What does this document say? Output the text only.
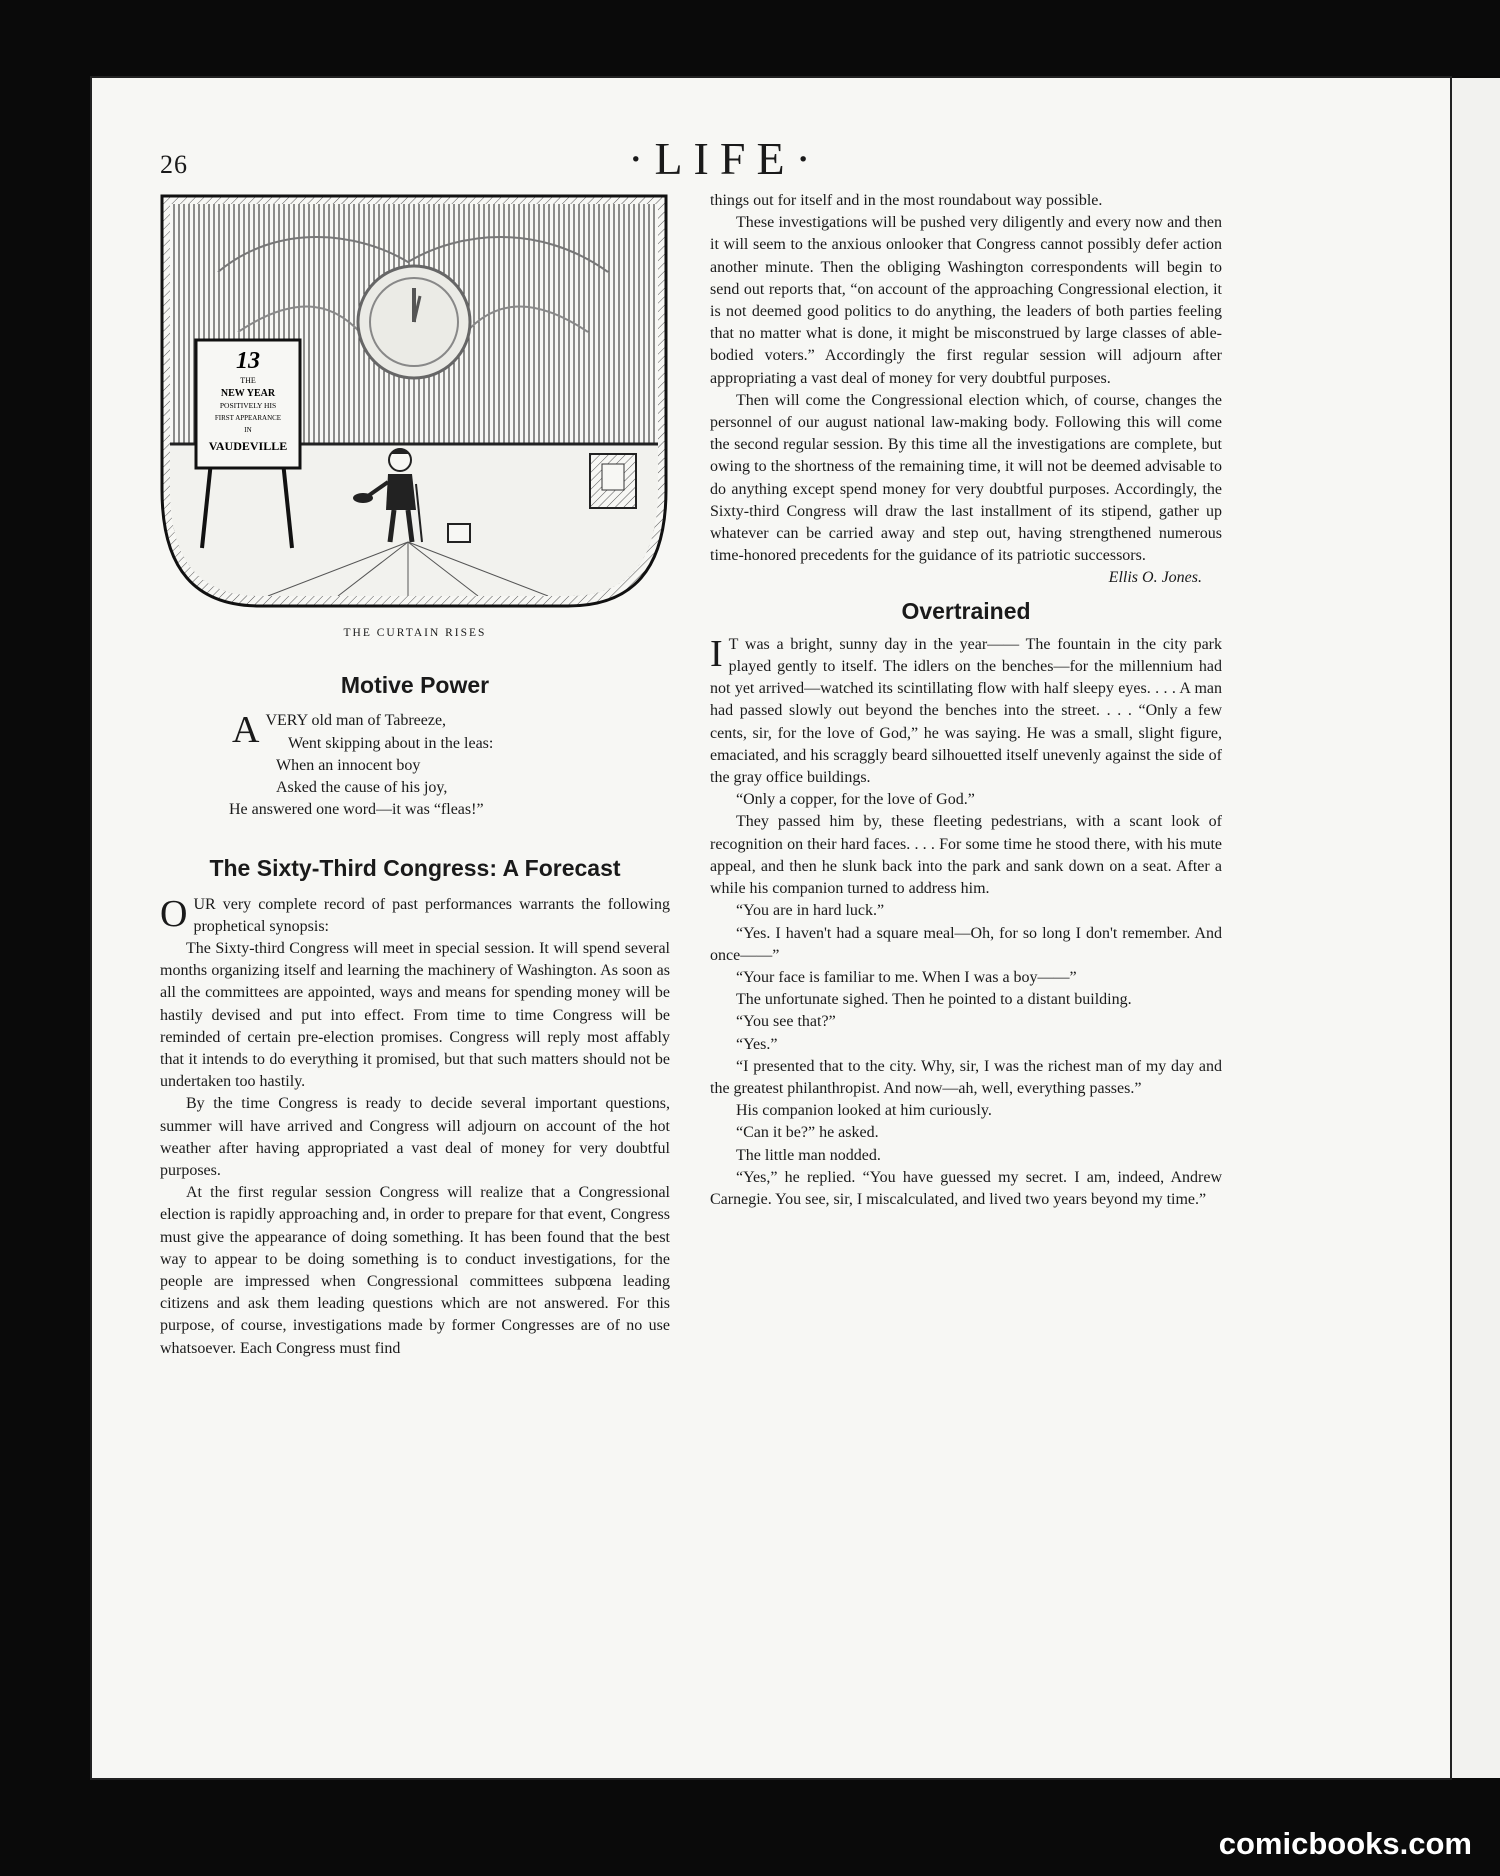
26	·LIFE·
13
THE
NEW YEAR
POSITIVELY HIS
FIRST APPEARANCE
IN
VAUDEVILLE
THE CURTAIN RISES
Motive Power
A VERY old man of Tabreeze,
Went skipping about in the leas:
When an innocent boy
Asked the cause of his joy,
He answered one word—it was “fleas!”
The Sixty-Third Congress: A Forecast

OUR very complete record of past performances warrants the following prophetical synopsis:

The Sixty-third Congress will meet in special session. It will spend several months organizing itself and learning the machinery of Washington. As soon as all the committees are appointed, ways and means for spending money will be hastily devised and put into effect. From time to time Congress will be reminded of certain pre-election promises. Congress will reply most affably that it intends to do everything it promised, but that such matters should not be undertaken too hastily.

By the time Congress is ready to decide several important questions, summer will have arrived and Congress will adjourn on account of the hot weather after having appropriated a vast deal of money for very doubtful purposes.

At the first regular session Congress will realize that a Congressional election is rapidly approaching and, in order to prepare for that event, Congress must give the appearance of doing something. It has been found that the best way to appear to be doing something is to conduct investigations, for the people are impressed when Congressional committees subpœna leading citizens and ask them leading questions which are not answered. For this purpose, of course, investigations made by former Congresses are of no use whatsoever. Each Congress must find

things out for itself and in the most roundabout way possible.

These investigations will be pushed very diligently and every now and then it will seem to the anxious onlooker that Congress cannot possibly defer action another minute. Then the obliging Washington correspondents will begin to send out reports that, “on account of the approaching Congressional election, it is not deemed good politics to do anything, the leaders of both parties feeling that no matter what is done, it might be misconstrued by large classes of able-bodied voters.” Accordingly the first regular session will adjourn after appropriating a vast deal of money for very doubtful purposes.

Then will come the Congressional election which, of course, changes the personnel of our august national law-making body. Following this will come the second regular session. By this time all the investigations are complete, but owing to the shortness of the remaining time, it will not be deemed advisable to do anything except spend money for very doubtful purposes. Accordingly, the Sixty-third Congress will draw the last installment of its stipend, gather up whatever can be carried away and step out, having strengthened numerous time-honored precedents for the guidance of its patriotic successors.

Ellis O. Jones.

Overtrained

I T was a bright, sunny day in the year—— The fountain in the city park played gently to itself. The idlers on the benches—for the millennium had not yet arrived—watched its scintillating flow with half sleepy eyes. . . . A man had passed slowly out beyond the benches into the street. . . . “Only a few cents, sir, for the love of God,” he was saying. He was a small, slight figure, emaciated, and his scraggly beard silhouetted itself unevenly against the side of the gray office buildings.

“Only a copper, for the love of God.”

They passed him by, these fleeting pedestrians, with a scant look of recognition on their hard faces. . . . For some time he stood there, with his mute appeal, and then he slunk back into the park and sank down on a seat. After a while his companion turned to address him.

“You are in hard luck.”

“Yes. I haven't had a square meal—Oh, for so long I don't remember. And once——”

“Your face is familiar to me. When I was a boy——”

The unfortunate sighed. Then he pointed to a distant building.

“You see that?”

“Yes.”

“I presented that to the city. Why, sir, I was the richest man of my day and the greatest philanthropist. And now—ah, well, everything passes.”

His companion looked at him curiously.

“Can it be?” he asked.

The little man nodded.

“Yes,” he replied. “You have guessed my secret. I am, indeed, Andrew Carnegie. You see, sir, I miscalculated, and lived two years beyond my time.”

comicbooks.com
